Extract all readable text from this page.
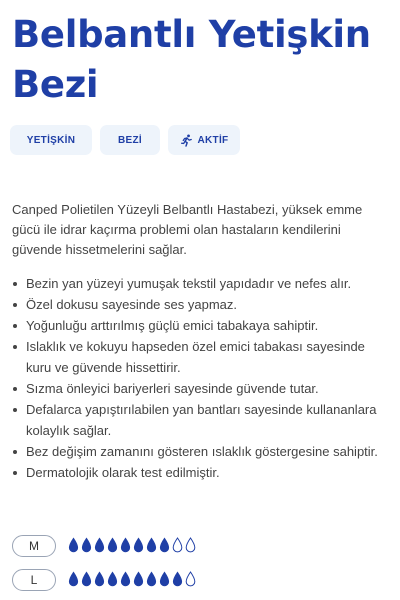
Belbantlı Yetişkin
Bezi
YETİŞKİN	BEZİ	AKTİF

Canped Polietilen Yüzeyli Belbantlı Hastabezi, yüksek emme gücü ile idrar kaçırma problemi olan hastaların kendilerini güvende hissetmelerini sağlar.

Bezin yan yüzeyi yumuşak tekstil yapıdadır ve nefes alır.
Özel dokusu sayesinde ses yapmaz.
Yoğunluğu arttırılmış güçlü emici tabakaya sahiptir.
Islaklık ve kokuyu hapseden özel emici tabakası sayesinde kuru ve güvende hissettirir.
Sızma önleyici bariyerleri sayesinde güvende tutar.
Defalarca yapıştırılabilen yan bantları sayesinde kullananlara kolaylık sağlar.
Bez değişim zamanını gösteren ıslaklık göstergesine sahiptir.
Dermatolojik olarak test edilmiştir.
M
L
